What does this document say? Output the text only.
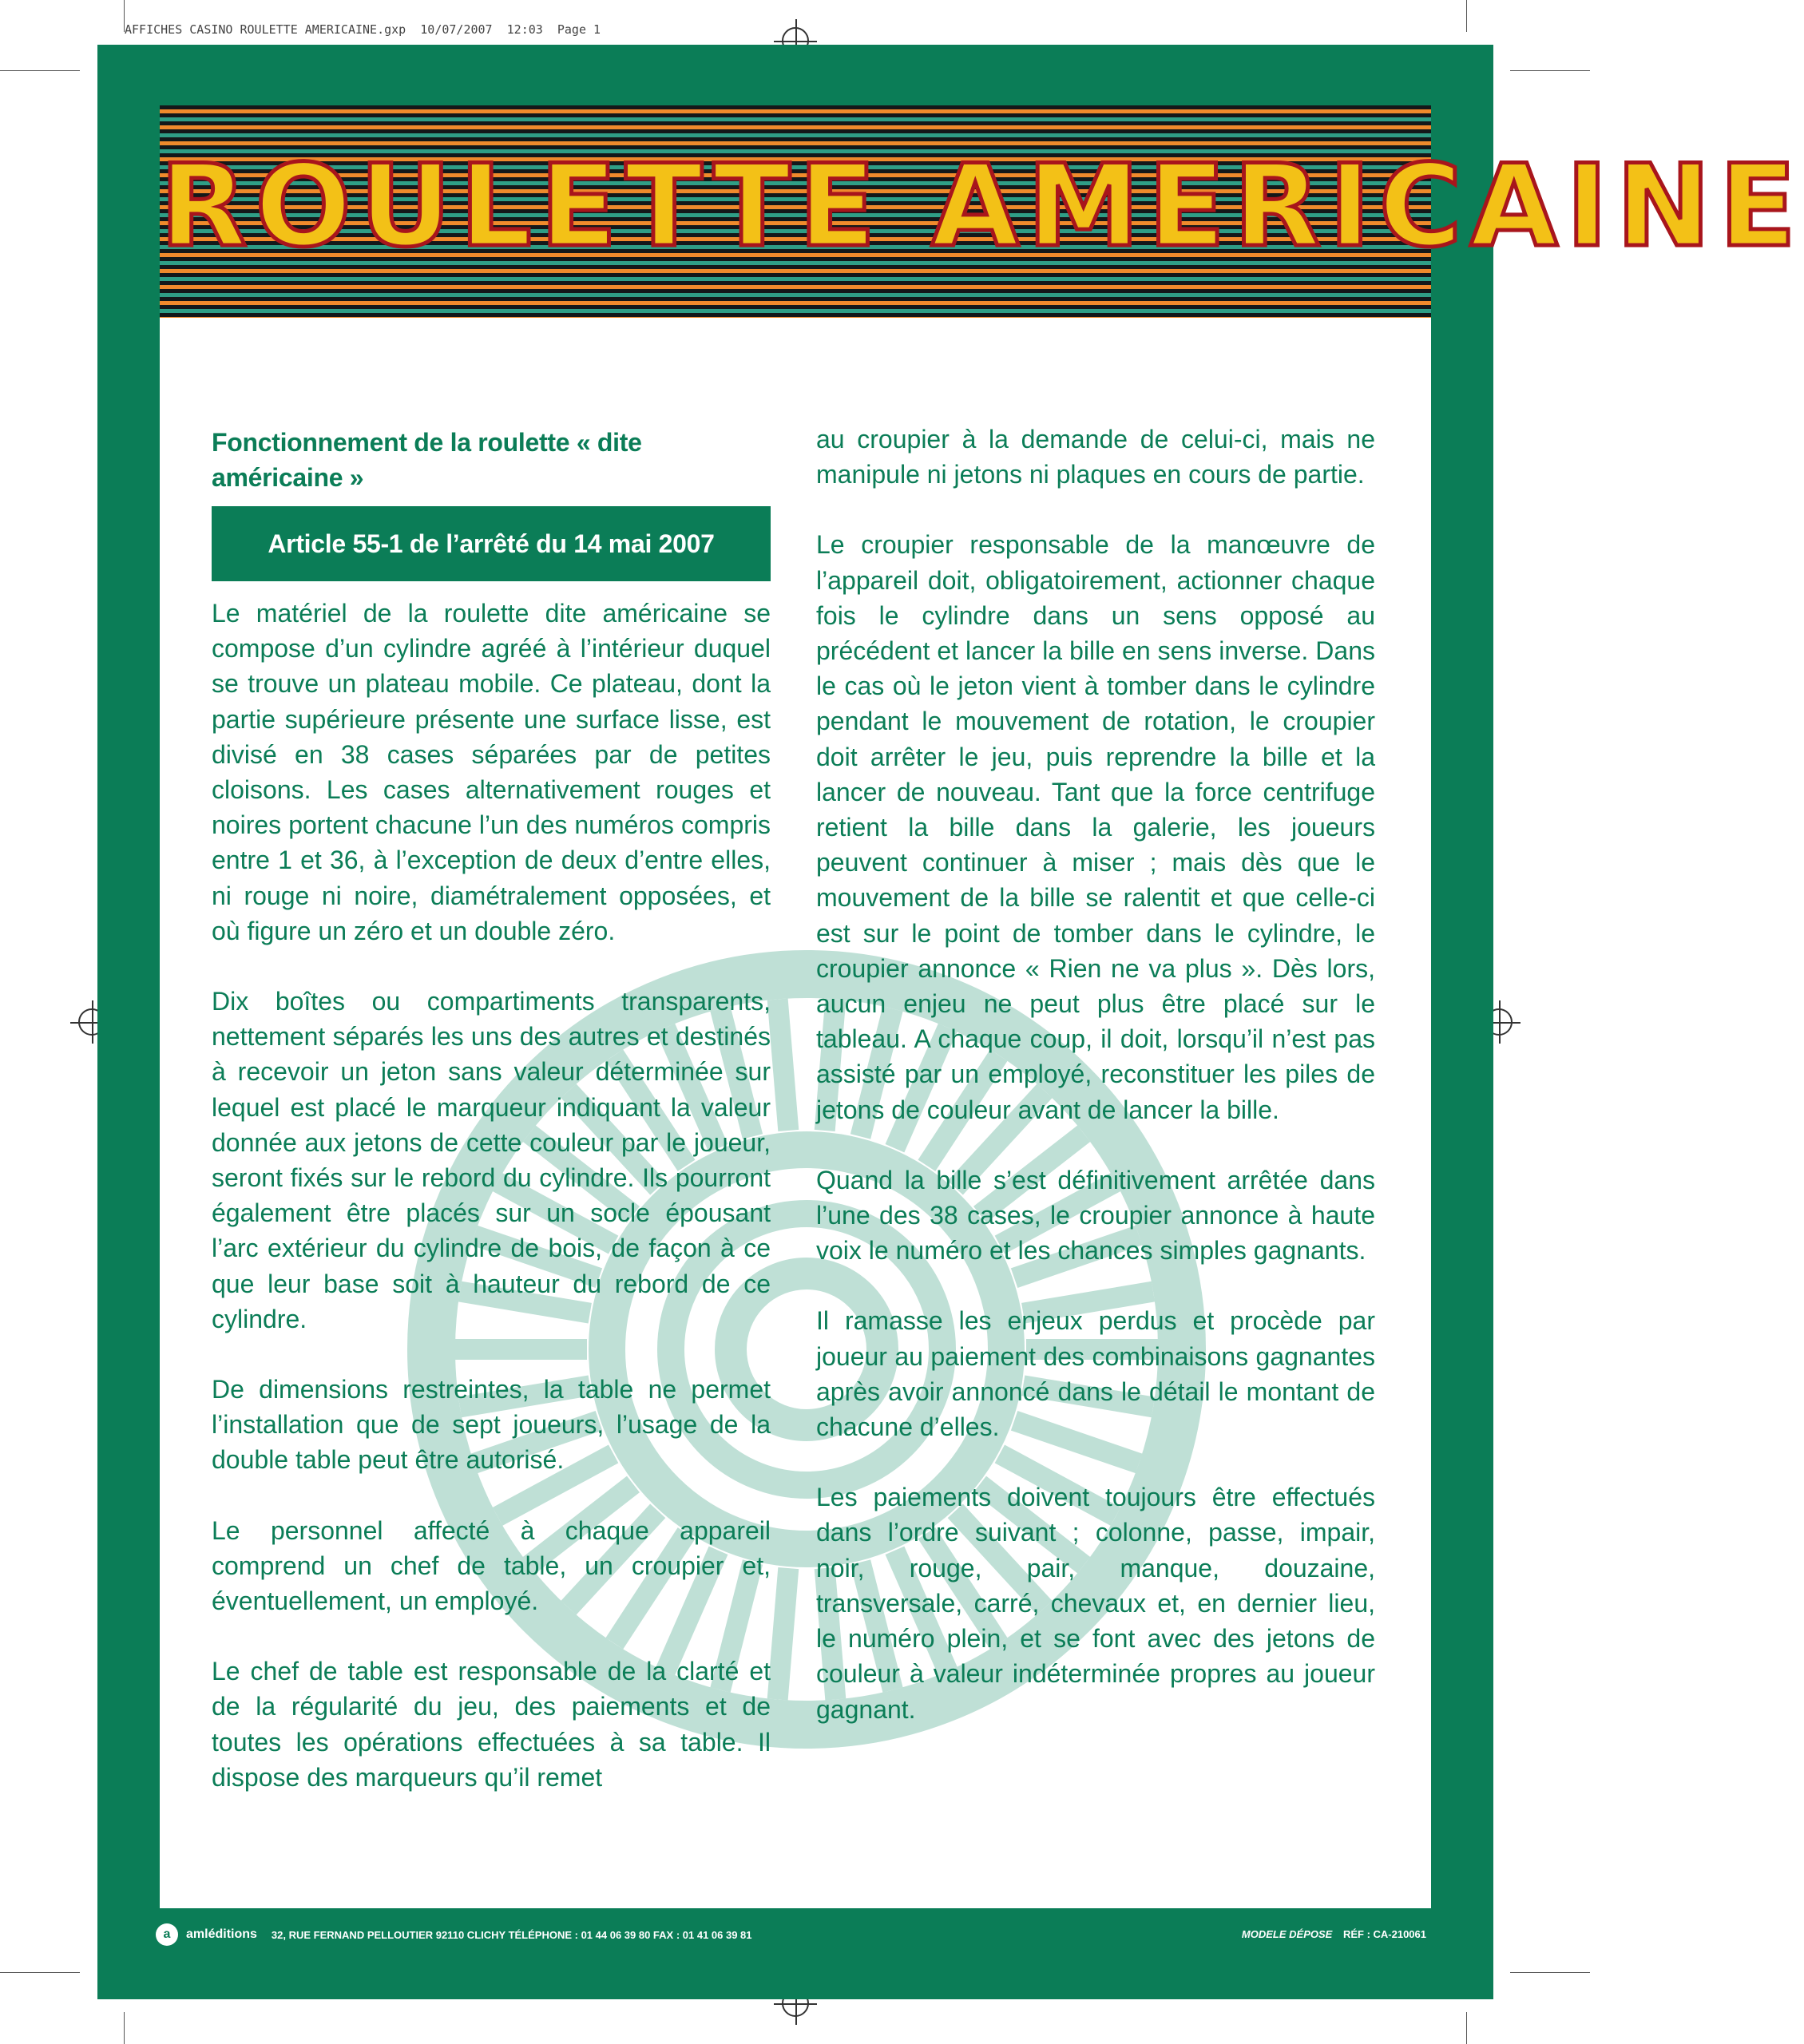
AFFICHES CASINO ROULETTE AMERICAINE.gxp  10/07/2007  12:03  Page 1
a	amléditions 32, RUE FERNAND PELLOUTIER 92110 CLICHY TÉLÉPHONE : 01 44 06 39 80 FAX : 01 41 06 39 81	MODELE DÉPOSE RÉF : CA-210061
ROULETTE AMERICAINE
Fonctionnement de la roulette « dite américaine »
Article 55-1 de l’arrêté du 14 mai 2007

Le matériel de la roulette dite américaine se compose d’un cylindre agréé à l’intérieur duquel se trouve un plateau mobile. Ce plateau, dont la partie supérieure présente une surface lisse, est divisé en 38 cases séparées par de petites cloisons. Les cases alternativement rouges et noires portent chacune l’un des numéros compris entre 1 et 36, à l’exception de deux d’entre elles, ni rouge ni noire, diamétralement opposées, et où figure un zéro et un double zéro.

Dix boîtes ou compartiments transparents, nettement séparés les uns des autres et destinés à recevoir un jeton sans valeur déterminée sur lequel est placé le marqueur indiquant la valeur donnée aux jetons de cette couleur par le joueur, seront fixés sur le rebord du cylindre. Ils pourront également être placés sur un socle épousant l’arc extérieur du cylindre de bois, de façon à ce que leur base soit à hauteur du rebord de ce cylindre.

De dimensions restreintes, la table ne permet l’installation que de sept joueurs, l’usage de la double table peut être autorisé.

Le personnel affecté à chaque appareil comprend un chef de table, un croupier et, éventuellement, un employé.

Le chef de table est responsable de la clarté et de la régularité du jeu, des paiements et de toutes les opérations effectuées à sa table. Il dispose des marqueurs qu’il remet

au croupier à la demande de celui-ci, mais ne manipule ni jetons ni plaques en cours de partie.

Le croupier responsable de la manœuvre de l’appareil doit, obligatoirement, actionner chaque fois le cylindre dans un sens opposé au précédent et lancer la bille en sens inverse. Dans le cas où le jeton vient à tomber dans le cylindre pendant le mouvement de rotation, le croupier doit arrêter le jeu, puis reprendre la bille et la lancer de nouveau. Tant que la force centrifuge retient la bille dans la galerie, les joueurs peuvent continuer à miser ; mais dès que le mouvement de la bille se ralentit et que celle-ci est sur le point de tomber dans le cylindre, le croupier annonce « Rien ne va plus ». Dès lors, aucun enjeu ne peut plus être placé sur le tableau. A chaque coup, il doit, lorsqu’il n’est pas assisté par un employé, reconstituer les piles de jetons de couleur avant de lancer la bille.

Quand la bille s’est définitivement arrêtée dans l’une des 38 cases, le croupier annonce à haute voix le numéro et les chances simples gagnants.

Il ramasse les enjeux perdus et procède par joueur au paiement des combinaisons gagnantes après avoir annoncé dans le détail le montant de chacune d’elles.

Les paiements doivent toujours être effectués dans l’ordre suivant ; colonne, passe, impair, noir, rouge, pair, manque, douzaine, transversale, carré, chevaux et, en dernier lieu, le numéro plein, et se font avec des jetons de couleur à valeur indéterminée propres au joueur gagnant.
